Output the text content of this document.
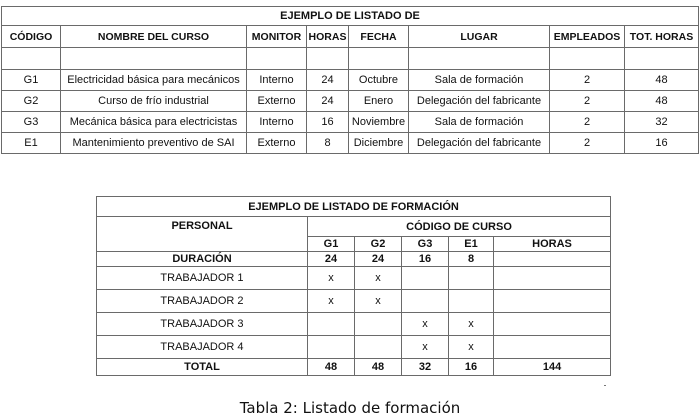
EJEMPLO DE LISTADO DE							
CÓDIGO	NOMBRE DEL CURSO	MONITOR	HORAS	FECHA	LUGAR	EMPLEADOS	TOT. HORAS

G1	Electricidad básica para mecánicos	Interno	24	Octubre	Sala de formación	2	48
G2	Curso de frío industrial	Externo	24	Enero	Delegación del fabricante	2	48
G3	Mecánica básica para electricistas	Interno	16	Noviembre	Sala de formación	2	32
E1	Mantenimiento preventivo de SAI	Externo	8	Diciembre	Delegación del fabricante	2	16
EJEMPLO DE LISTADO DE FORMACIÓN					
PERSONAL	CÓDIGO DE CURSO				
	G1	G2	G3	E1	HORAS
DURACIÓN	24	24	16	8	
TRABAJADOR 1	x	x			
TRABAJADOR 2	x	x			
TRABAJADOR 3			x	x	
TRABAJADOR 4			x	x	
TOTAL	48	48	32	16	144
Tabla 2: Listado de formación
